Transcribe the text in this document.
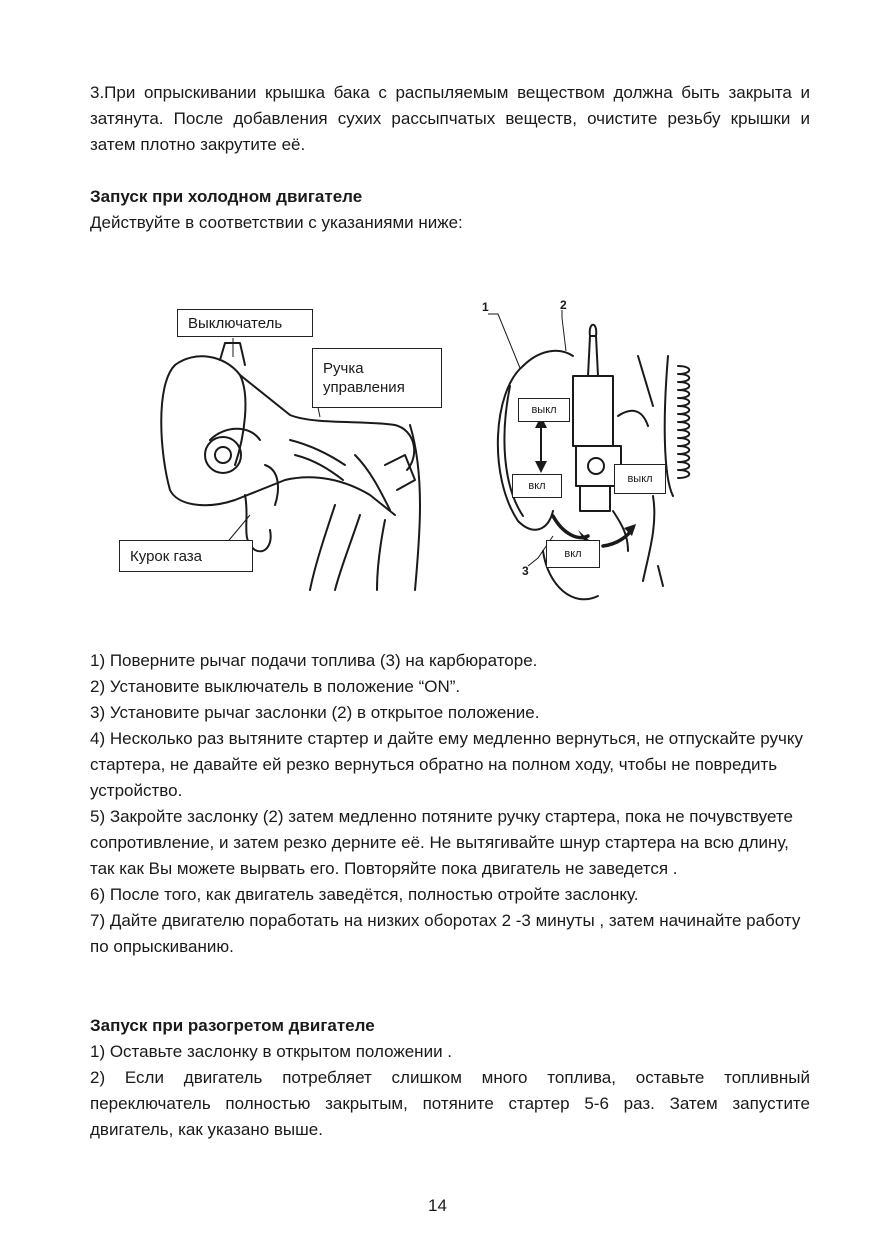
3.При опрыскивании крышка бака с распыляемым веществом должна быть закрыта и затянута. После добавления сухих рассыпчатых веществ, очистите резьбу крышки и затем плотно закрутите её.
Запуск при холодном двигателе
Действуйте в соответствии с указаниями ниже:
Выключатель
Ручка
управления
Курок газа
1	2
3
выкл
вкл
выкл
вкл

1) Поверните рычаг подачи топлива (3) на карбюраторе.

2) Установите выключатель в положение “ON”.

3) Установите рычаг заслонки (2) в открытое положение.

4) Несколько раз вытяните стартер и дайте ему медленно вернуться, не отпускайте ручку стартера, не давайте ей резко вернуться обратно на полном ходу, чтобы не повредить устройство.

5) Закройте заслонку (2) затем медленно потяните ручку стартера, пока не почувствуете сопротивление, и затем резко дерните её. Не вытягивайте шнур стартера на всю длину, так как Вы можете вырвать его. Повторяйте пока двигатель не заведется .

6) После того, как двигатель заведётся, полностью отройте заслонку.

7) Дайте двигателю поработать на низких оборотах 2 -3 минуты , затем начинайте работу по опрыскиванию.

Запуск при разогретом двигателе
1) Оставьте заслонку в открытом положении .
2) Если двигатель потребляет слишком много топлива, оставьте топливный переключатель полностью закрытым, потяните стартер 5-6 раз. Затем запустите двигатель, как указано выше.
14
